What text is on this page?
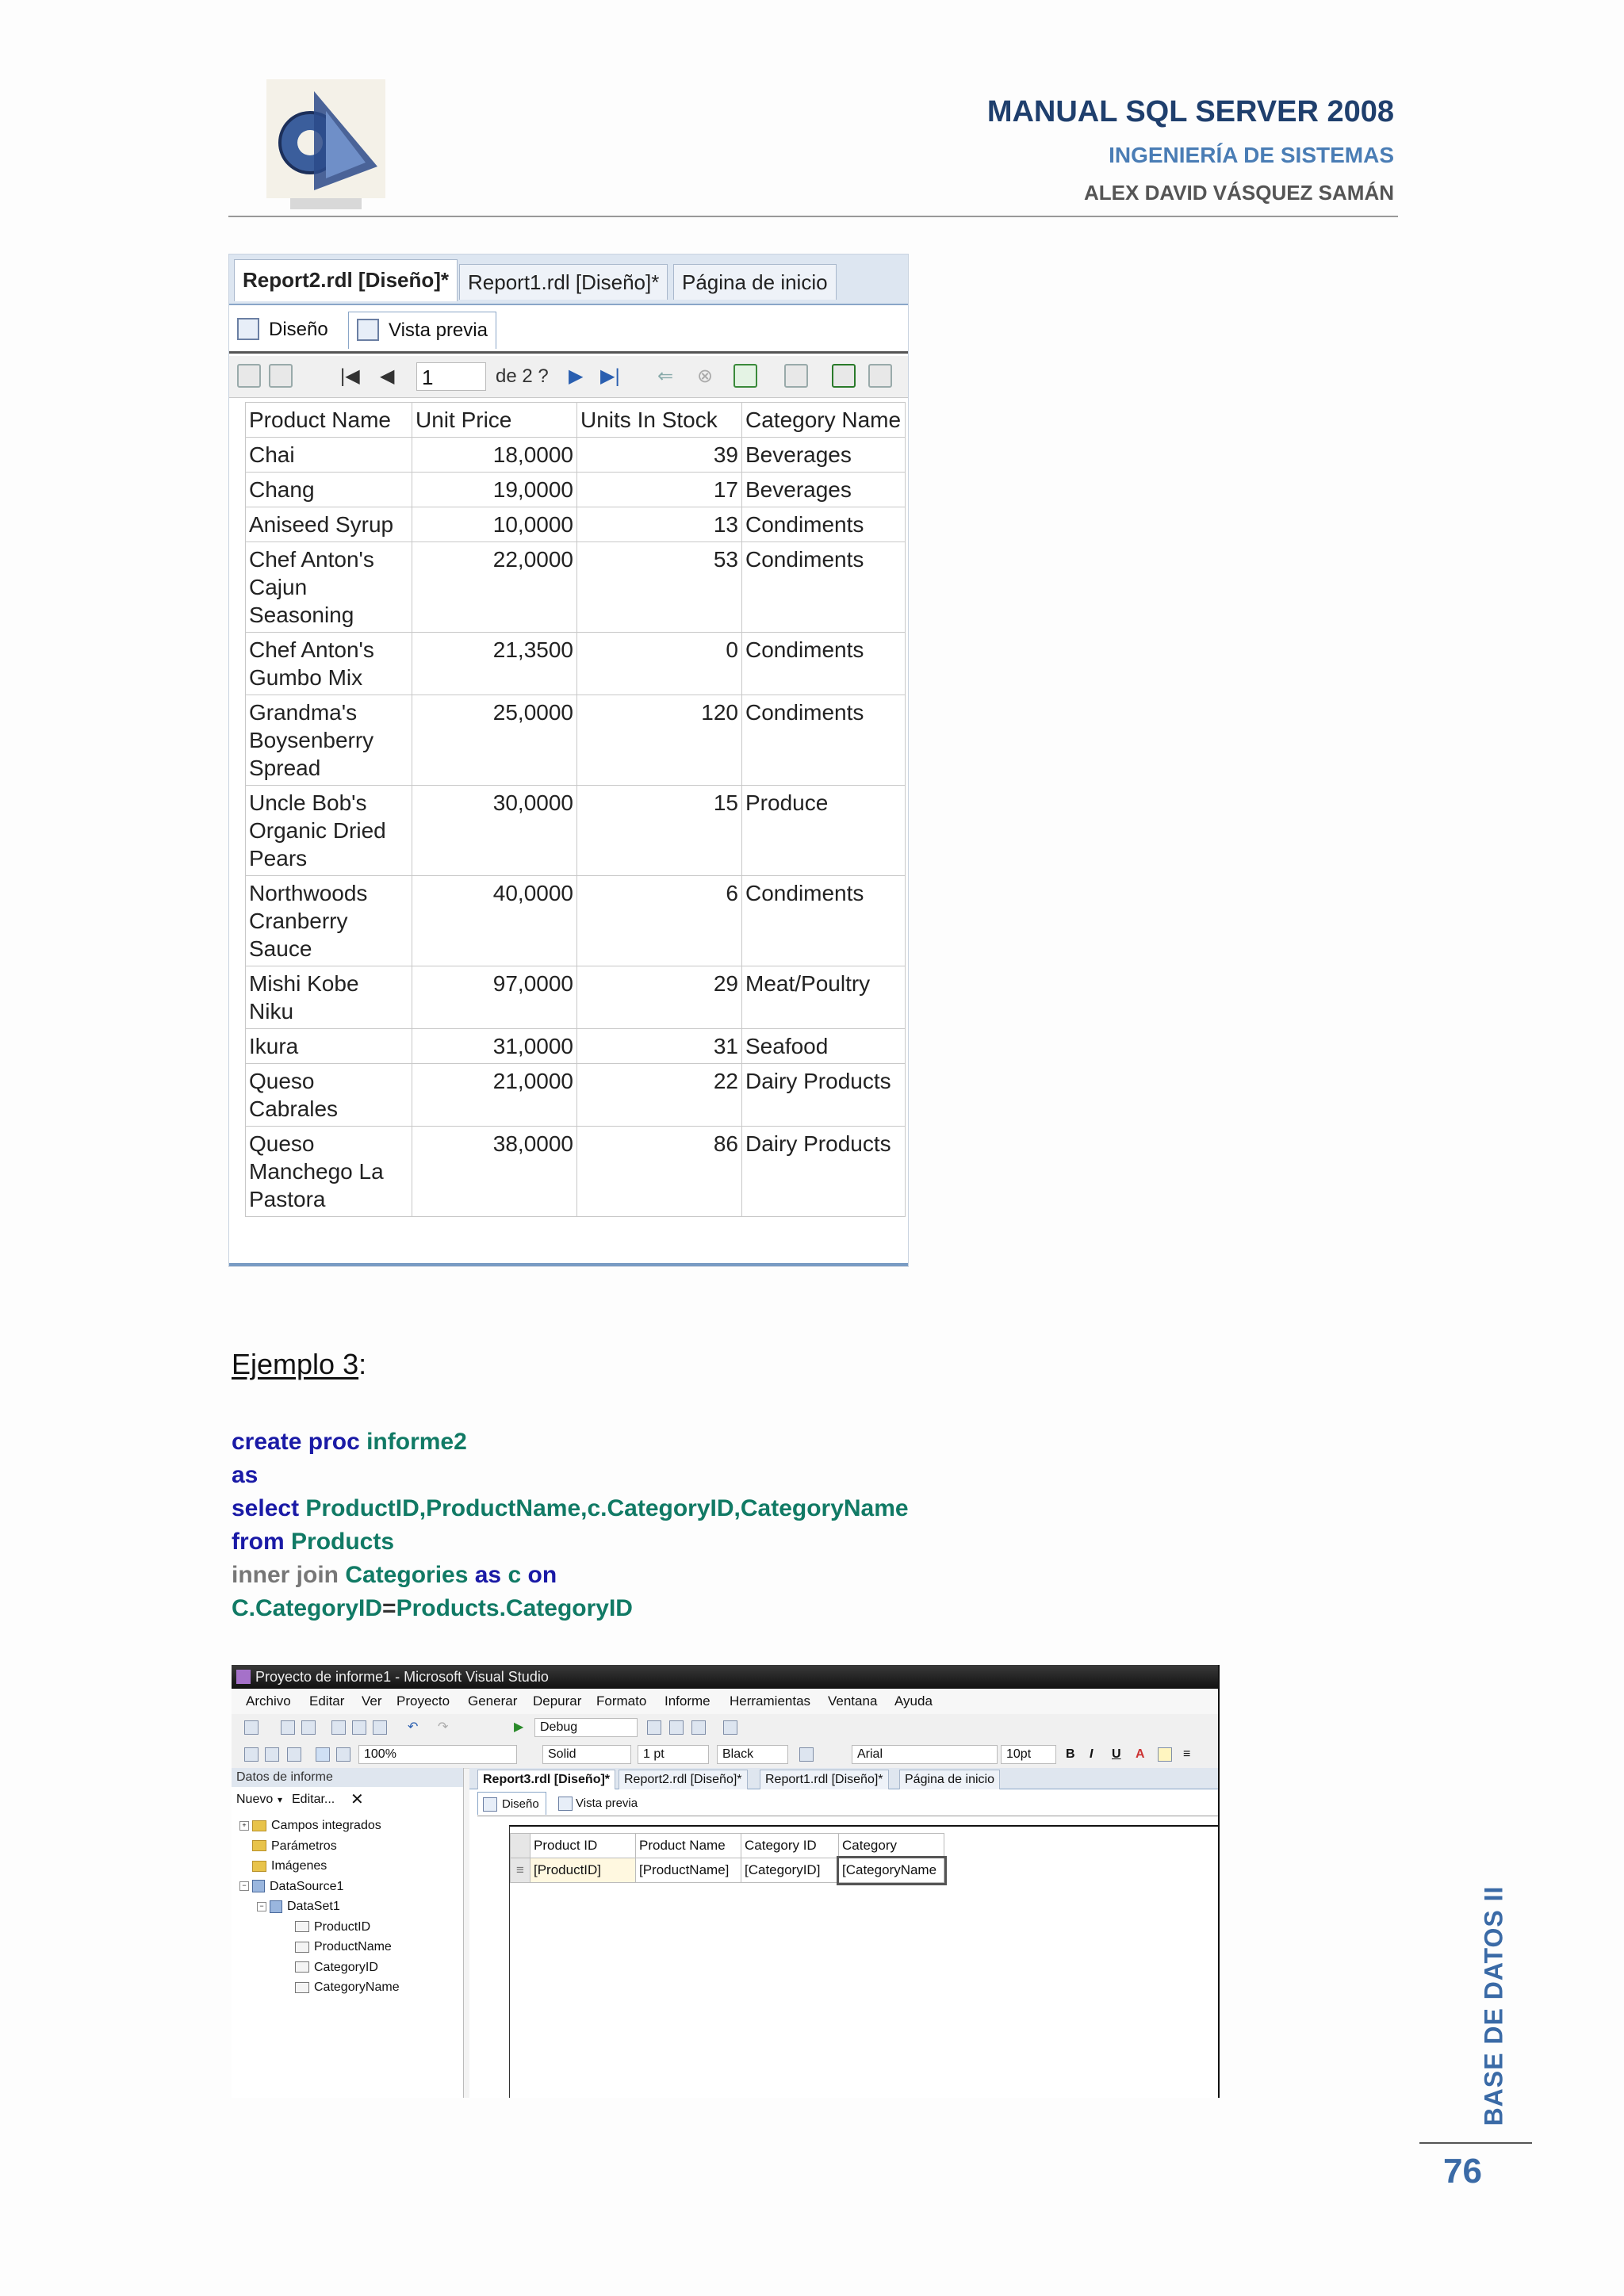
MANUAL SQL SERVER 2008
INGENIERÍA DE SISTEMAS
ALEX DAVID VÁSQUEZ SAMÁN
Report2.rdl [Diseño]* Report1.rdl [Diseño]*	Página de inicio
Diseño	Vista previa
|◀ ◀ 1	de 2 ? ▶ ▶| ⇐ ⊗
Product Name	Unit Price	Units In Stock	Category Name
Chai	18,0000	39	Beverages
Chang	19,0000	17	Beverages
Aniseed Syrup	10,0000	13	Condiments
Chef Anton's Cajun Seasoning	22,0000	53	Condiments
Chef Anton's Gumbo Mix	21,3500	0	Condiments
Grandma's Boysenberry Spread	25,0000	120	Condiments
Uncle Bob's Organic Dried Pears	30,0000	15	Produce
Northwoods Cranberry Sauce	40,0000	6	Condiments
Mishi Kobe Niku	97,0000	29	Meat/Poultry
Ikura	31,0000	31	Seafood
Queso Cabrales	21,0000	22	Dairy Products
Queso Manchego La Pastora	38,0000	86	Dairy Products
Ejemplo 3:
create proc informe2
as
select ProductID,ProductName,c.CategoryID,CategoryName
from Products
inner join Categories as c on
C.CategoryID=Products.CategoryID
Proyecto de informe1 - Microsoft Visual Studio
Archivo Editar Ver Proyecto Generar Depurar Formato Informe Herramientas Ventana Ayuda
↶ ↷	▶	Debug
100%	Solid	1 pt	Black	Arial	10pt	B I U A	≡
Datos de informe
Nuevo ▾ Editar... ✕
+ Campos integrados
Parámetros
Imágenes
− DataSource1
− DataSet1
ProductID
ProductName
CategoryID
CategoryName
Report3.rdl [Diseño]*	Report2.rdl [Diseño]*	Report1.rdl [Diseño]*	Página de inicio
Diseño	Vista previa
	Product ID	Product Name	Category ID	Category
≡	[ProductID]	[ProductName]	[CategoryID]	[CategoryName
BASE DE DATOS II
76
